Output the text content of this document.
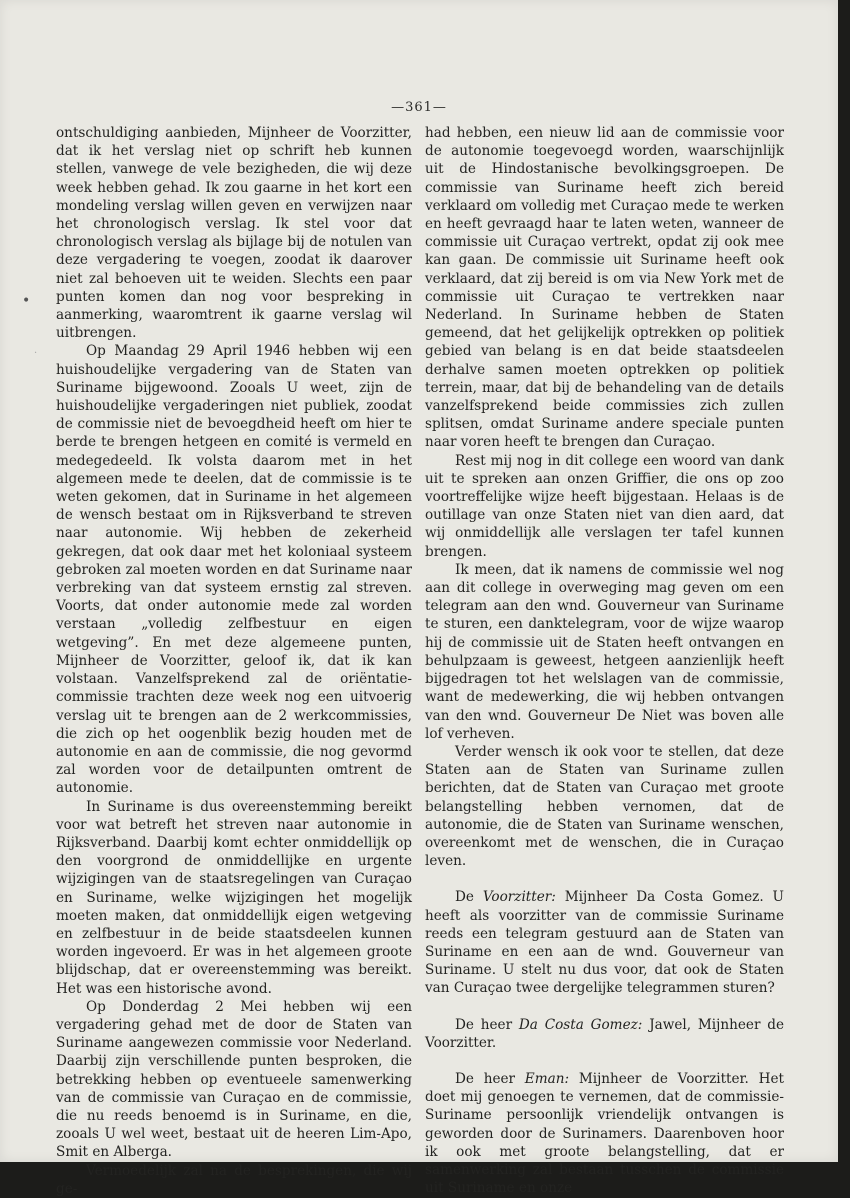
—361—
•
·

ontschuldiging aanbieden, Mijnheer de Voorzitter, dat ik het verslag niet op schrift heb kunnen stellen, vanwege de vele bezigheden, die wij deze week hebben gehad. Ik zou gaarne in het kort een mondeling verslag willen geven en verwijzen naar het chronologisch verslag. Ik stel voor dat chronologisch verslag als bijlage bij de notulen van deze vergadering te voegen, zoodat ik daarover niet zal behoeven uit te weiden. Slechts een paar punten komen dan nog voor bespreking in aanmerking, waaromtrent ik gaarne verslag wil uitbrengen.

Op Maandag 29 April 1946 hebben wij een huishoudelijke vergadering van de Staten van Suriname bijgewoond. Zooals U weet, zijn de huishoudelijke vergaderingen niet publiek, zoodat de commissie niet de bevoegdheid heeft om hier te berde te brengen hetgeen en comité is vermeld en medegedeeld. Ik volsta daarom met in het algemeen mede te deelen, dat de commissie is te weten gekomen, dat in Suriname in het algemeen de wensch bestaat om in Rijksverband te streven naar autonomie. Wij hebben de zekerheid gekregen, dat ook daar met het koloniaal systeem gebroken zal moeten worden en dat Suriname naar verbreking van dat systeem ernstig zal streven. Voorts, dat onder autonomie mede zal worden verstaan „volledig zelfbestuur en eigen wetgeving”. En met deze algemeene punten, Mijnheer de Voorzitter, geloof ik, dat ik kan volstaan. Vanzelfsprekend zal de oriëntatie-commissie trachten deze week nog een uitvoerig verslag uit te brengen aan de 2 werkcommissies, die zich op het oogenblik bezig houden met de autonomie en aan de commissie, die nog gevormd zal worden voor de detailpunten omtrent de autonomie.

In Suriname is dus overeenstemming bereikt voor wat betreft het streven naar autonomie in Rijksverband. Daarbij komt echter onmiddellijk op den voorgrond de onmiddellijke en urgente wijzigingen van de staatsregelingen van Curaçao en Suriname, welke wijzigingen het mogelijk moeten maken, dat onmiddellijk eigen wetgeving en zelfbestuur in de beide staatsdeelen kunnen worden ingevoerd. Er was in het algemeen groote blijdschap, dat er overeenstemming was bereikt. Het was een historische avond.

Op Donderdag 2 Mei hebben wij een vergadering gehad met de door de Staten van Suriname aangewezen commissie voor Nederland. Daarbij zijn verschillende punten besproken, die betrekking hebben op eventueele samenwerking van de commissie van Curaçao en de commissie, die nu reeds benoemd is in Suriname, en die, zooals U wel weet, bestaat uit de heeren Lim-Apo, Smit en Alberga.

Vermoedelijk zal na de besprekingen, die wij ge-

had hebben, een nieuw lid aan de commissie voor de autonomie toegevoegd worden, waarschijnlijk uit de Hindostanische bevolkingsgroepen. De commissie van Suriname heeft zich bereid verklaard om volledig met Curaçao mede te werken en heeft gevraagd haar te laten weten, wanneer de commissie uit Curaçao vertrekt, opdat zij ook mee kan gaan. De commissie uit Suriname heeft ook verklaard, dat zij bereid is om via New York met de commissie uit Curaçao te vertrekken naar Nederland. In Suriname hebben de Staten gemeend, dat het gelijkelijk optrekken op politiek gebied van belang is en dat beide staatsdeelen derhalve samen moeten optrekken op politiek terrein, maar, dat bij de behandeling van de details vanzelfsprekend beide commissies zich zullen splitsen, omdat Suriname andere speciale punten naar voren heeft te brengen dan Curaçao.

Rest mij nog in dit college een woord van dank uit te spreken aan onzen Griffier, die ons op zoo voortreffelijke wijze heeft bijgestaan. Helaas is de outillage van onze Staten niet van dien aard, dat wij onmiddellijk alle verslagen ter tafel kunnen brengen.

Ik meen, dat ik namens de commissie wel nog aan dit college in overweging mag geven om een telegram aan den wnd. Gouverneur van Suriname te sturen, een danktelegram, voor de wijze waarop hij de commissie uit de Staten heeft ontvangen en behulpzaam is geweest, hetgeen aanzienlijk heeft bijgedragen tot het welslagen van de commissie, want de medewerking, die wij hebben ontvangen van den wnd. Gouverneur De Niet was boven alle lof verheven.

Verder wensch ik ook voor te stellen, dat deze Staten aan de Staten van Suriname zullen berichten, dat de Staten van Curaçao met groote belangstelling hebben vernomen, dat de autonomie, die de Staten van Suriname wenschen, overeenkomt met de wenschen, die in Curaçao leven.

De Voorzitter: Mijnheer Da Costa Gomez. U heeft als voorzitter van de commissie Suriname reeds een telegram gestuurd aan de Staten van Suriname en een aan de wnd. Gouverneur van Suriname. U stelt nu dus voor, dat ook de Staten van Curaçao twee dergelijke telegrammen sturen?

De heer Da Costa Gomez: Jawel, Mijnheer de Voorzitter.

De heer Eman: Mijnheer de Voorzitter. Het doet mij genoegen te vernemen, dat de commissie-Suriname persoonlijk vriendelijk ontvangen is geworden door de Surinamers. Daarenboven hoor ik ook met groote belangstelling, dat er samenwerking zal bestaan tusschen de commissie uit Suriname en onze
